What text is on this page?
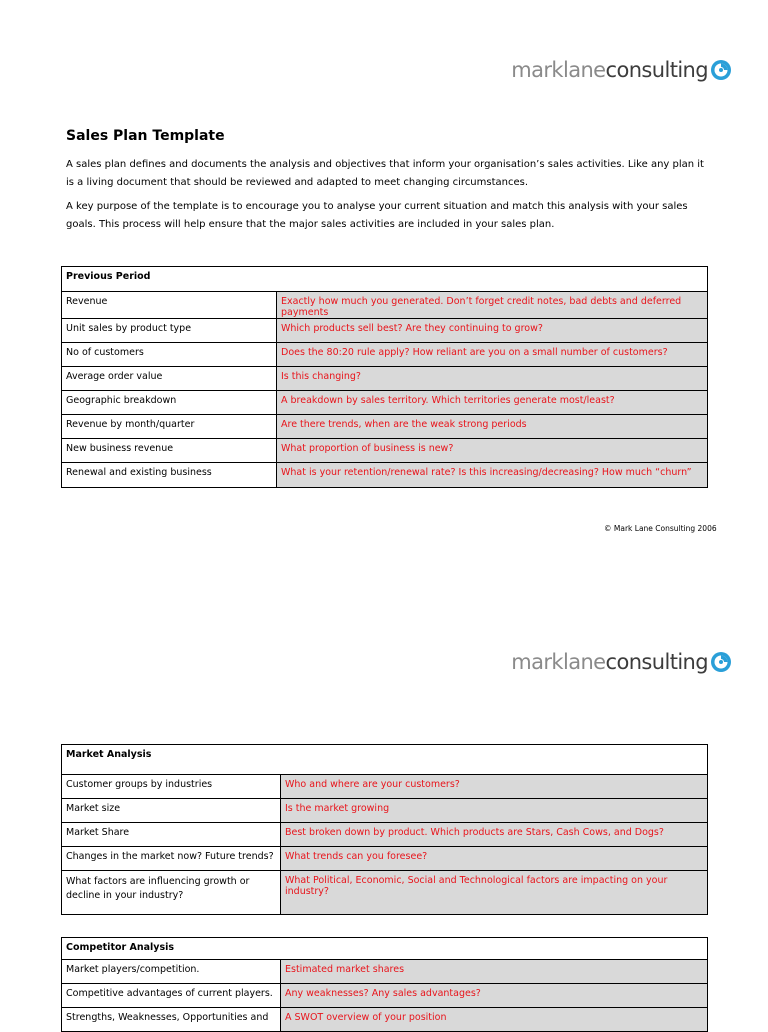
marklane consulting
Sales Plan Template
A sales plan defines and documents the analysis and objectives that inform your organisation’s sales activities. Like any plan it is a living document that should be reviewed and adapted to meet changing circumstances.
A key purpose of the template is to encourage you to analyse your current situation and match this analysis with your sales goals. This process will help ensure that the major sales activities are included in your sales plan.
Previous Period	
Revenue	Exactly how much you generated. Don’t forget credit notes, bad debts and deferred payments
Unit sales by product type	Which products sell best? Are they continuing to grow?
No of customers	Does the 80:20 rule apply? How reliant are you on a small number of customers?
Average order value	Is this changing?
Geographic breakdown	A breakdown by sales territory. Which territories generate most/least?
Revenue by month/quarter	Are there trends, when are the weak strong periods
New business revenue	What proportion of business is new?
Renewal and existing business	What is your retention/renewal rate? Is this increasing/decreasing? How much “churn”
© Mark Lane Consulting 2006
marklane consulting
Market Analysis	
Customer groups by industries	Who and where are your customers?
Market size	Is the market growing
Market Share	Best broken down by product. Which products are Stars, Cash Cows, and Dogs?
Changes in the market now? Future trends?	What trends can you foresee?
What factors are influencing growth or decline in your industry?	What Political, Economic, Social and Technological factors are impacting on your industry?
Competitor Analysis	
Market players/competition.	Estimated market shares
Competitive advantages of current players.	Any weaknesses? Any sales advantages?
Strengths, Weaknesses, Opportunities and	A SWOT overview of your position
